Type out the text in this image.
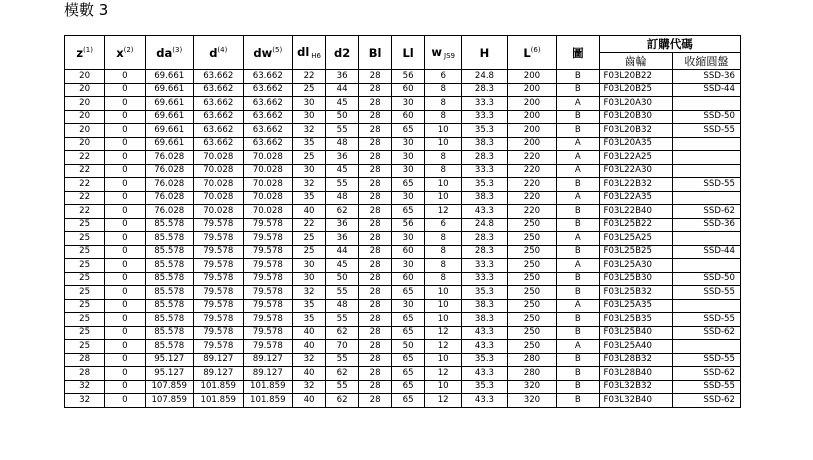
模數 3
$z^{(1)}$	$x^{(2)}$	$da^{(3)}$	$d^{(4)}$	$dw^{(5)}$	dl H6	d2	Bl	Ll	w JS9	H	$L^{(6)}$	圖	訂購代碼	
													齒輪	收縮圓盤
20	0	69.661	63.662	63.662	22	36	28	56	6	24.8	200	B	F03L20B22	SSD-36
20	0	69.661	63.662	63.662	25	44	28	60	8	28.3	200	B	F03L20B25	SSD-44
20	0	69.661	63.662	63.662	30	45	28	30	8	33.3	200	A	F03L20A30	
20	0	69.661	63.662	63.662	30	50	28	60	8	33.3	200	B	F03L20B30	SSD-50
20	0	69.661	63.662	63.662	32	55	28	65	10	35.3	200	B	F03L20B32	SSD-55
20	0	69.661	63.662	63.662	35	48	28	30	10	38.3	200	A	F03L20A35	
22	0	76.028	70.028	70.028	25	36	28	30	8	28.3	220	A	F03L22A25	
22	0	76.028	70.028	70.028	30	45	28	30	8	33.3	220	A	F03L22A30	
22	0	76.028	70.028	70.028	32	55	28	65	10	35.3	220	B	F03L22B32	SSD-55
22	0	76.028	70.028	70.028	35	48	28	30	10	38.3	220	A	F03L22A35	
22	0	76.028	70.028	70.028	40	62	28	65	12	43.3	220	B	F03L22B40	SSD-62
25	0	85.578	79.578	79.578	22	36	28	56	6	24.8	250	B	F03L25B22	SSD-36
25	0	85.578	79.578	79.578	25	36	28	30	8	28.3	250	A	F03L25A25	
25	0	85.578	79.578	79.578	25	44	28	60	8	28.3	250	B	F03L25B25	SSD-44
25	0	85.578	79.578	79.578	30	45	28	30	8	33.3	250	A	F03L25A30	
25	0	85.578	79.578	79.578	30	50	28	60	8	33.3	250	B	F03L25B30	SSD-50
25	0	85.578	79.578	79.578	32	55	28	65	10	35.3	250	B	F03L25B32	SSD-55
25	0	85.578	79.578	79.578	35	48	28	30	10	38.3	250	A	F03L25A35	
25	0	85.578	79.578	79.578	35	55	28	65	10	38.3	250	B	F03L25B35	SSD-55
25	0	85.578	79.578	79.578	40	62	28	65	12	43.3	250	B	F03L25B40	SSD-62
25	0	85.578	79.578	79.578	40	70	28	50	12	43.3	250	A	F03L25A40	
28	0	95.127	89.127	89.127	32	55	28	65	10	35.3	280	B	F03L28B32	SSD-55
28	0	95.127	89.127	89.127	40	62	28	65	12	43.3	280	B	F03L28B40	SSD-62
32	0	107.859	101.859	101.859	32	55	28	65	10	35.3	320	B	F03L32B32	SSD-55
32	0	107.859	101.859	101.859	40	62	28	65	12	43.3	320	B	F03L32B40	SSD-62
